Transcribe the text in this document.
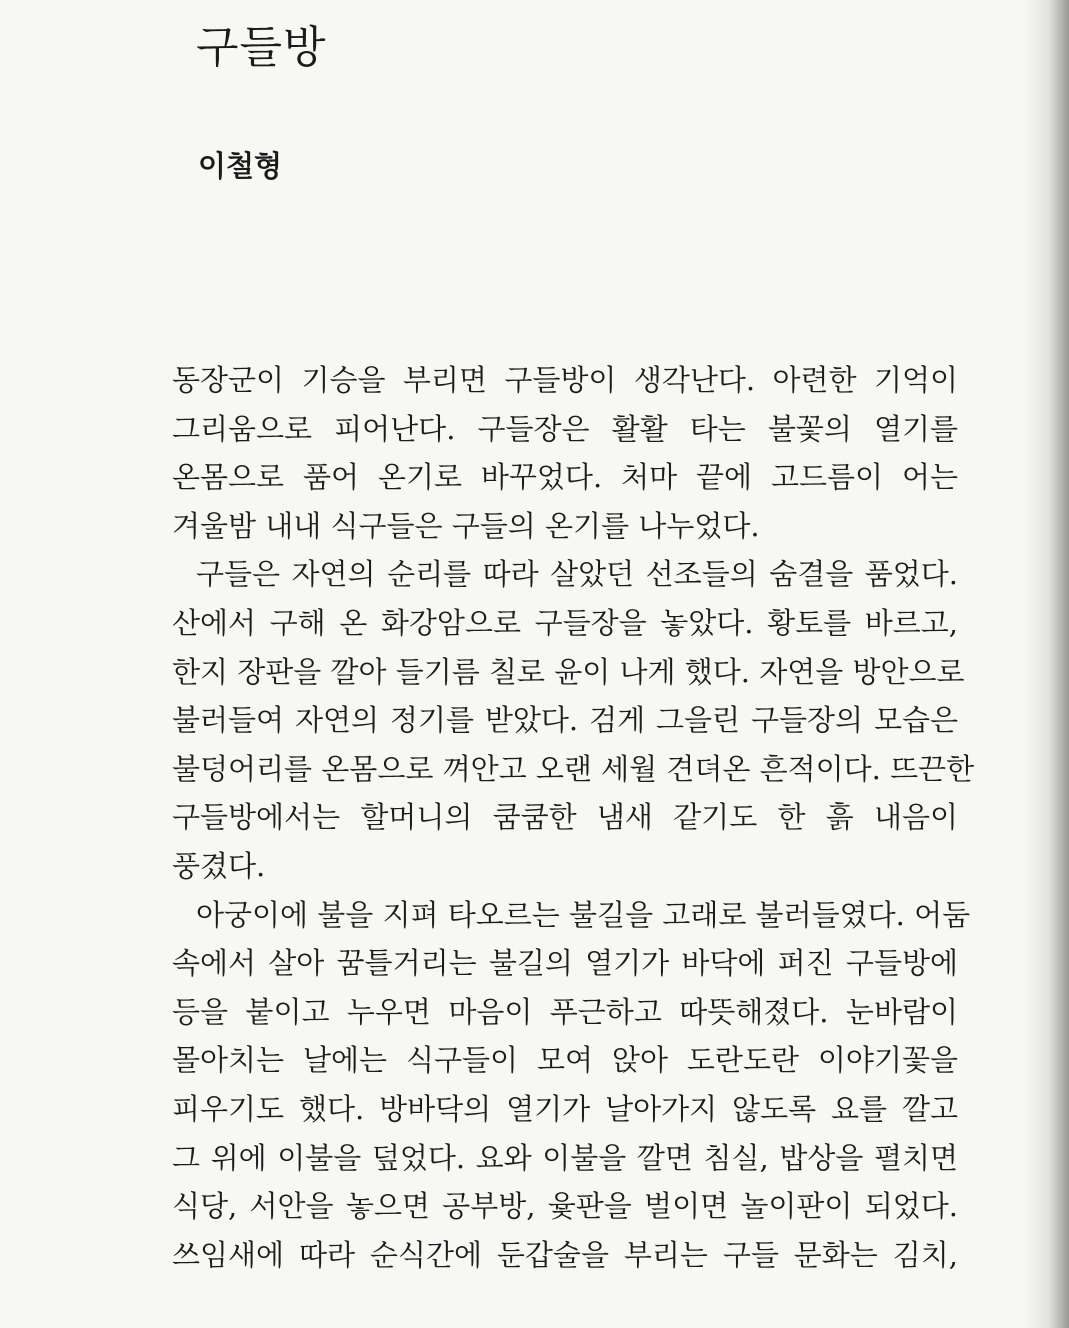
구들방
이철형
동장군이 기승을 부리면 구들방이 생각난다. 아련한 기억이
그리움으로 피어난다. 구들장은 활활 타는 불꽃의 열기를
온몸으로 품어 온기로 바꾸었다. 처마 끝에 고드름이 어는
겨울밤 내내 식구들은 구들의 온기를 나누었다.
구들은 자연의 순리를 따라 살았던 선조들의 숨결을 품었다.
산에서 구해 온 화강암으로 구들장을 놓았다. 황토를 바르고,
한지 장판을 깔아 들기름 칠로 윤이 나게 했다. 자연을 방안으로
불러들여 자연의 정기를 받았다. 검게 그을린 구들장의 모습은
불덩어리를 온몸으로 껴안고 오랜 세월 견뎌온 흔적이다. 뜨끈한
구들방에서는 할머니의 쿰쿰한 냄새 같기도 한 흙 내음이
풍겼다.
아궁이에 불을 지펴 타오르는 불길을 고래로 불러들였다. 어둠
속에서 살아 꿈틀거리는 불길의 열기가 바닥에 퍼진 구들방에
등을 붙이고 누우면 마음이 푸근하고 따뜻해졌다. 눈바람이
몰아치는 날에는 식구들이 모여 앉아 도란도란 이야기꽃을
피우기도 했다. 방바닥의 열기가 날아가지 않도록 요를 깔고
그 위에 이불을 덮었다. 요와 이불을 깔면 침실, 밥상을 펼치면
식당, 서안을 놓으면 공부방, 윷판을 벌이면 놀이판이 되었다.
쓰임새에 따라 순식간에 둔갑술을 부리는 구들 문화는 김치,
